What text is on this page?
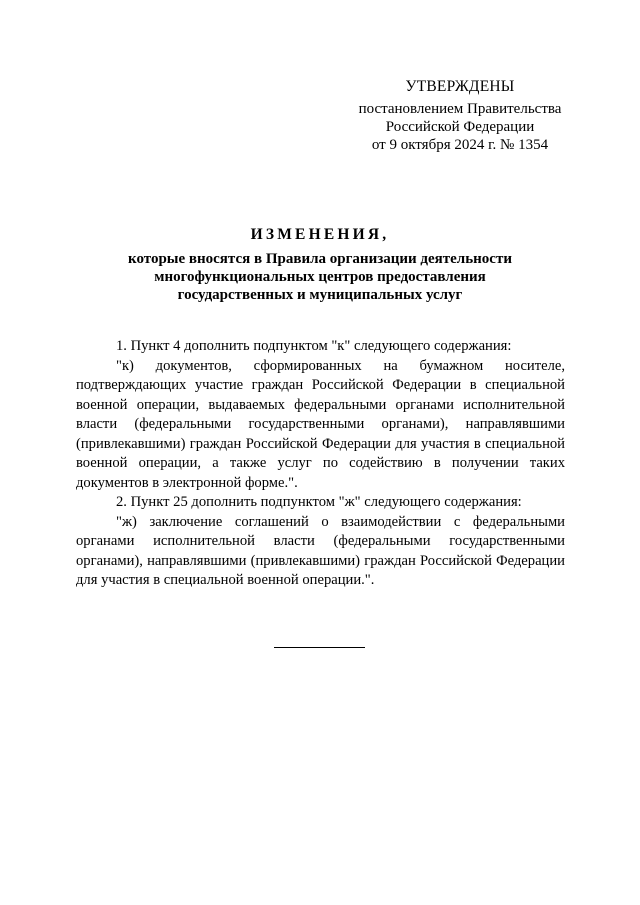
УТВЕРЖДЕНЫ
постановлением Правительства
Российской Федерации
от 9 октября 2024 г. № 1354
ИЗМЕНЕНИЯ,
которые вносятся в Правила организации деятельности
многофункциональных центров предоставления
государственных и муниципальных услуг

1. Пункт 4 дополнить подпунктом "к" следующего содержания:

"к) документов, сформированных на бумажном носителе, подтверждающих участие граждан Российской Федерации в специальной военной операции, выдаваемых федеральными органами исполнительной власти (федеральными государственными органами), направлявшими (привлекавшими) граждан Российской Федерации для участия в специальной военной операции, а также услуг по содействию в получении таких документов в электронной форме.".

2. Пункт 25 дополнить подпунктом "ж" следующего содержания:

"ж) заключение соглашений о взаимодействии с федеральными органами исполнительной власти (федеральными государственными органами), направлявшими (привлекавшими) граждан Российской Федерации для участия в специальной военной операции.".
